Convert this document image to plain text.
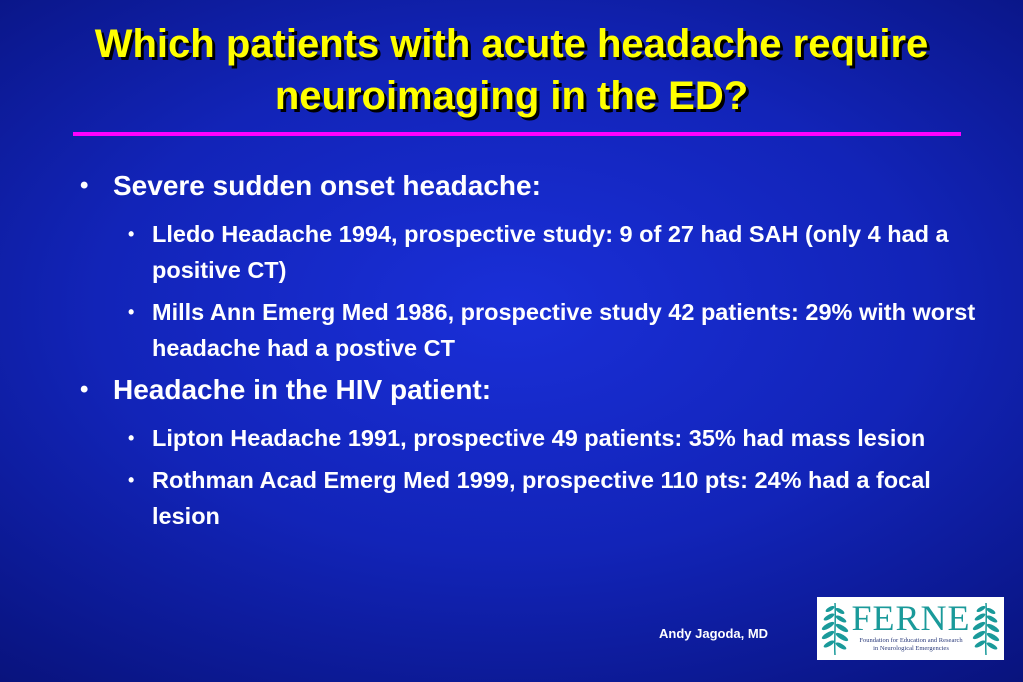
Which patients with acute headache require neuroimaging in the ED?
• Severe sudden onset headache:
• Lledo Headache 1994, prospective study: 9 of 27 had SAH (only 4 had a positive CT)
• Mills Ann Emerg Med 1986, prospective study 42 patients: 29% with worst headache had a postive CT
• Headache in the HIV patient:
• Lipton Headache 1991, prospective 49 patients: 35% had mass lesion
• Rothman Acad Emerg Med 1999, prospective 110 pts: 24% had a focal lesion
Andy Jagoda, MD FERNE
Foundation for Education and Research
in Neurological Emergencies
